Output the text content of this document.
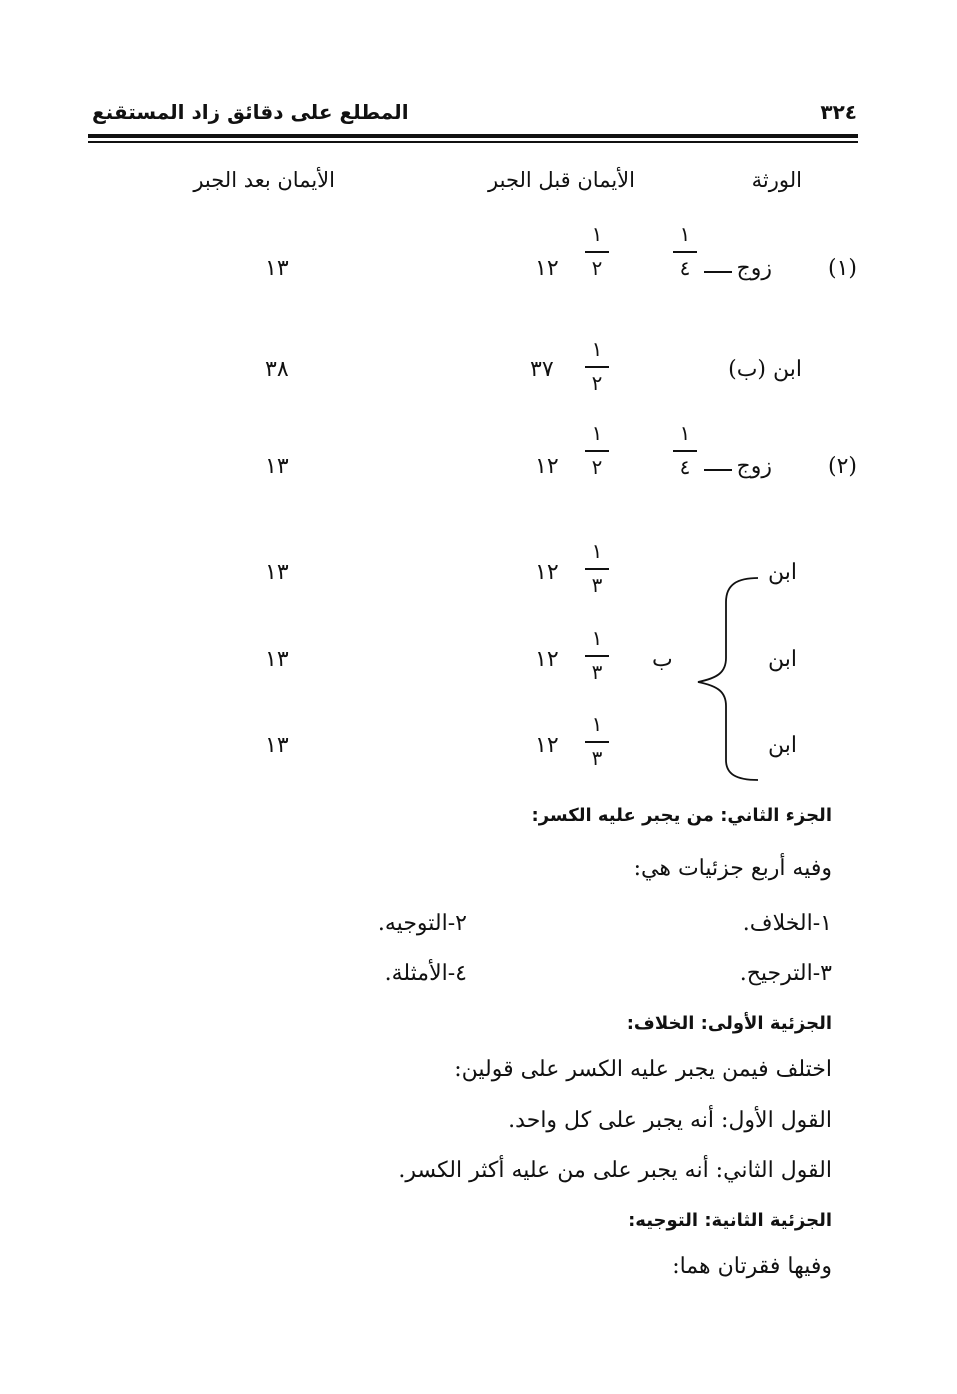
٣٢٤
المطلع على دقائق زاد المستقنع
الورثة
الأيمان قبل الجبر
الأيمان بعد الجبر
(١)
زوج
١
٤
١
٢
١٢
١٣
ابن (ب)
١
٢
٣٧
٣٨
(٢)
زوج
١
٤
١
٢
١٢
١٣
ابن
١
٣
١٢
١٣
ابن
ب
١
٣
١٢
١٣
ابن
١
٣
١٢
١٣
الجزء الثاني: من يجبر عليه الكسر:
وفيه أربع جزئيات هي:
١-الخلاف.
٢-التوجيه.
٣-الترجيح.
٤-الأمثلة.
الجزئية الأولى: الخلاف:
اختلف فيمن يجبر عليه الكسر على قولين:
القول الأول: أنه يجبر على كل واحد.
القول الثاني: أنه يجبر على من عليه أكثر الكسر.
الجزئية الثانية: التوجيه:
وفيها فقرتان هما:
